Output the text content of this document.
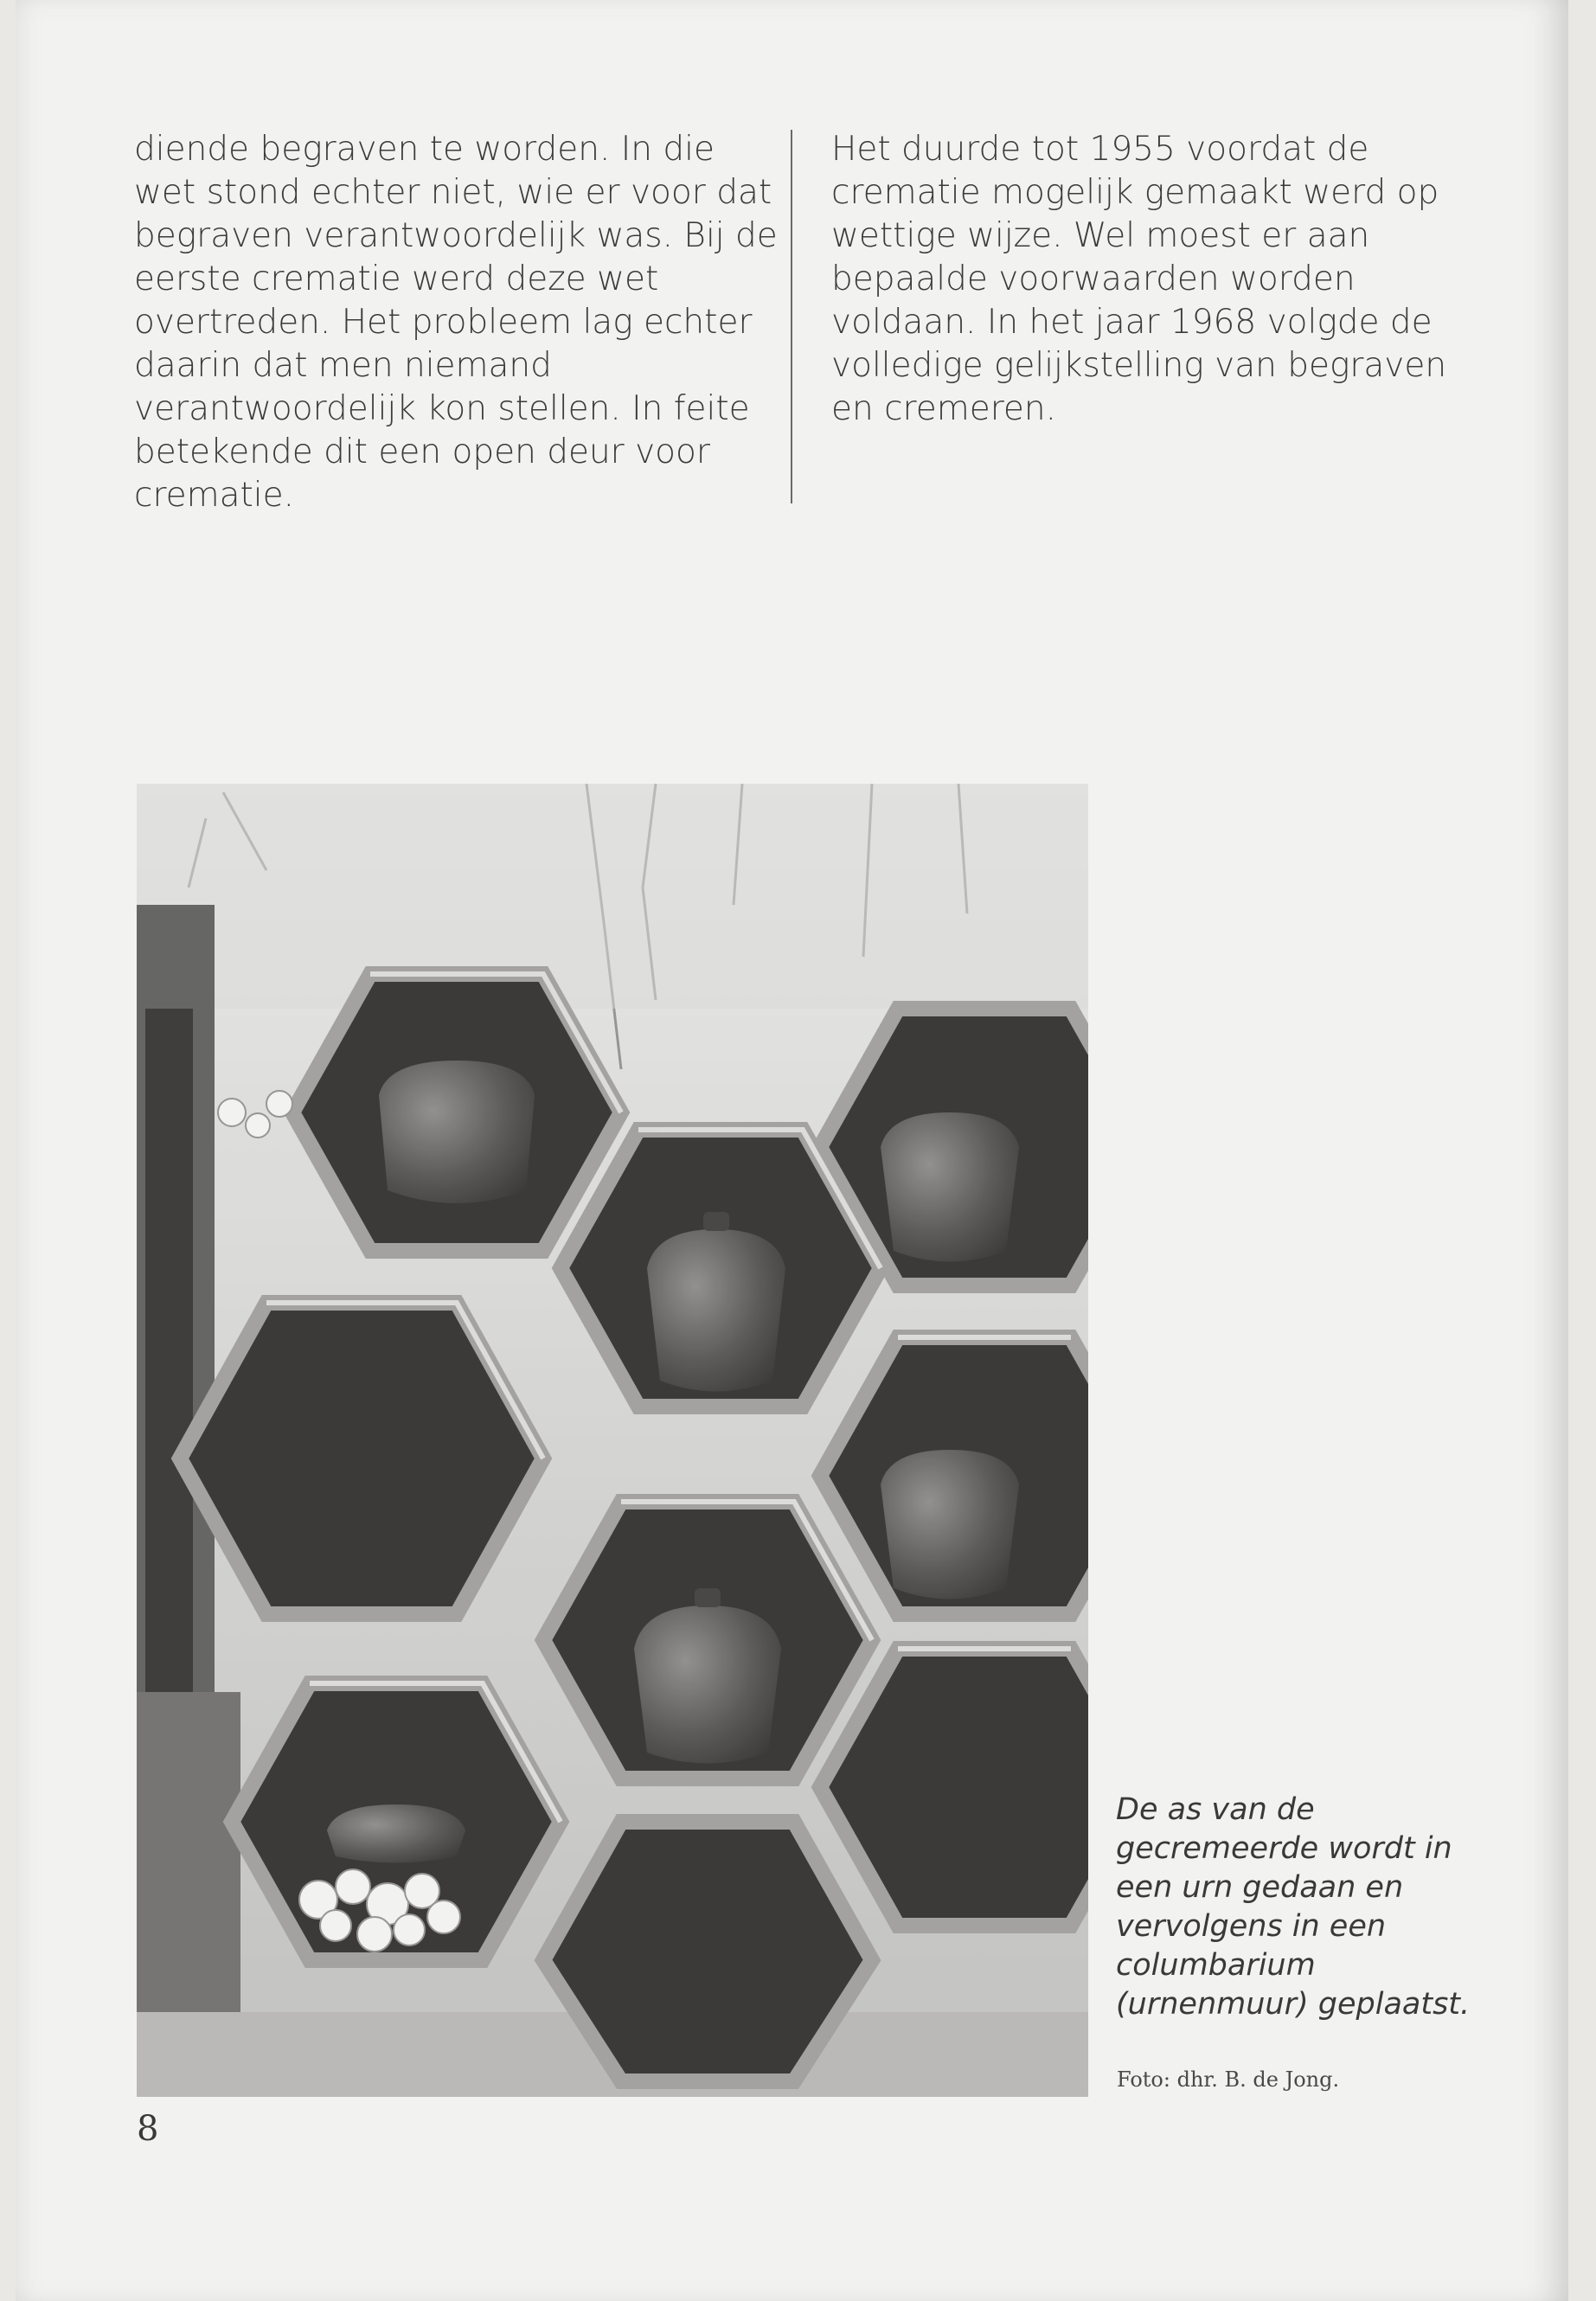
diende begraven te worden. In die
wet stond echter niet, wie er voor dat
begraven verantwoordelijk was. Bij de
eerste crematie werd deze wet
overtreden. Het probleem lag echter
daarin dat men niemand
verantwoordelijk kon stellen. In feite
betekende dit een open deur voor
crematie.

Het duurde tot 1955 voordat de
crematie mogelijk gemaakt werd op
wettige wijze. Wel moest er aan
bepaalde voorwaarden worden
voldaan. In het jaar 1968 volgde de
volledige gelijkstelling van begraven
en cremeren.

De as van de
gecremeerde wordt in
een urn gedaan en
vervolgens in een
columbarium
(urnenmuur) geplaatst.

Foto: dhr. B. de Jong.

8
